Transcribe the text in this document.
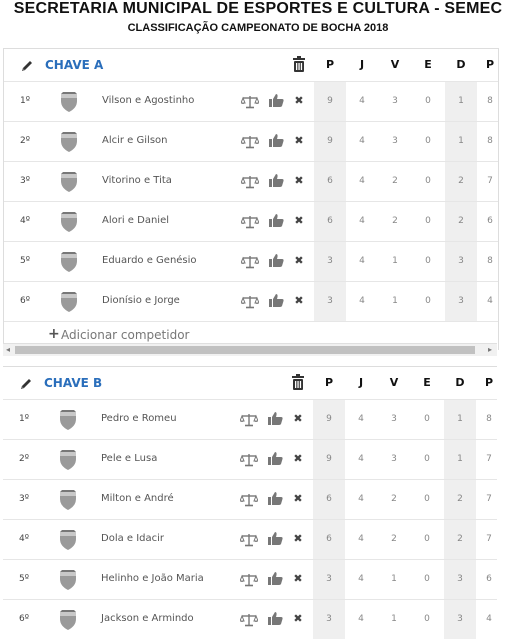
SECRETARIA MUNICIPAL DE ESPORTES E CULTURA - SEMEC
CLASSIFICAÇÃO CAMPEONATO DE BOCHA 2018
CHAVE A	P	J	V	E	D	P
1º	Vilson e Agostinho	✖	9	4	3	0	1	8
2º	Alcir e Gilson	✖	9	4	3	0	1	8
3º	Vitorino e Tita	✖	6	4	2	0	2	7
4º	Alori e Daniel	✖	6	4	2	0	2	6
5º	Eduardo e Genésio	✖	3	4	1	0	3	8
6º	Dionísio e Jorge	✖	3	4	1	0	3	4
+ Adicionar competidor
◂	▸
CHAVE B	P	J	V	E	D	P
1º	Pedro e Romeu	✖	9	4	3	0	1	8
2º	Pele e Lusa	✖	9	4	3	0	1	7
3º	Milton e André	✖	6	4	2	0	2	7
4º	Dola e Idacir	✖	6	4	2	0	2	7
5º	Helinho e João Maria	✖	3	4	1	0	3	6
6º	Jackson e Armindo	✖	3	4	1	0	3	4
